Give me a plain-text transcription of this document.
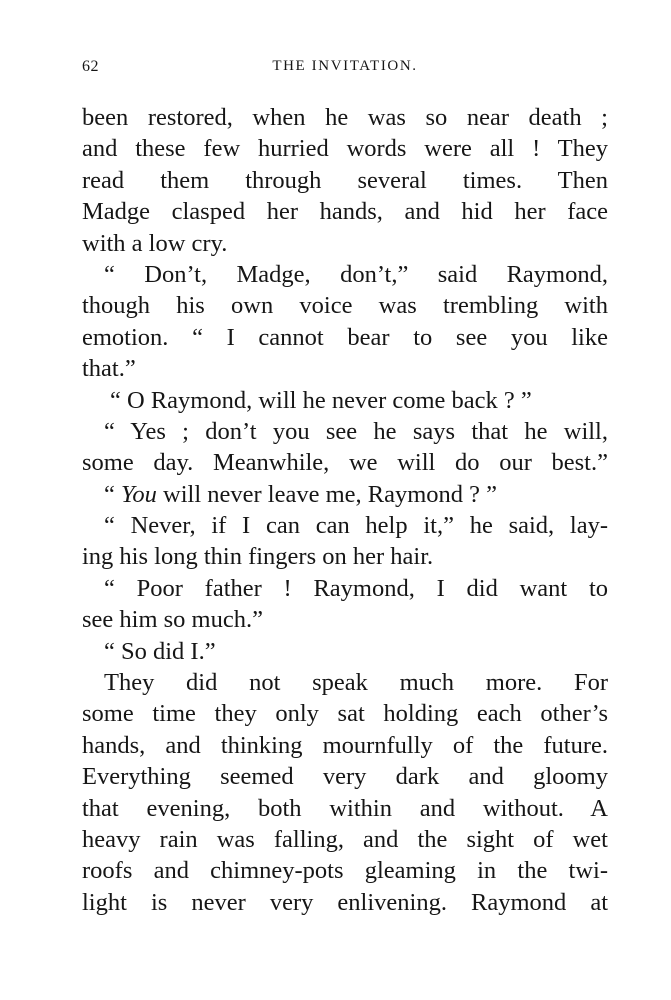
62	THE INVITATION.
been restored, when he was so near death ;
and these few hurried words were all ! They
read them through several times. Then
Madge clasped her hands, and hid her face
with a low cry.
“ Don’t, Madge, don’t,” said Raymond,
though his own voice was trembling with
emotion. “ I cannot bear to see you like
that.”
“ O Raymond, will he never come back ? ”
“ Yes ; don’t you see he says that he will,
some day. Meanwhile, we will do our best.”
“ You will never leave me, Raymond ? ”
“ Never, if I can can help it,” he said, lay-
ing his long thin fingers on her hair.
“ Poor father ! Raymond, I did want to
see him so much.”
“ So did I.”
They did not speak much more. For
some time they only sat holding each other’s
hands, and thinking mournfully of the future.
Everything seemed very dark and gloomy
that evening, both within and without. A
heavy rain was falling, and the sight of wet
roofs and chimney-pots gleaming in the twi-
light is never very enlivening. Raymond at
